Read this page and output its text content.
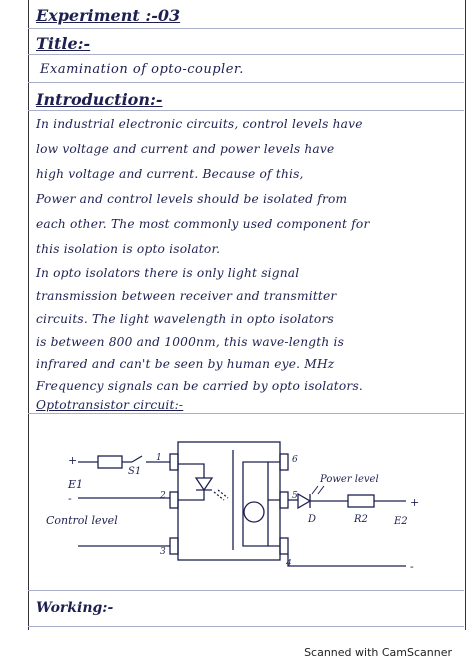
Experiment :-03
Title:-
Examination of opto-coupler.
Introduction:-
In industrial electronic circuits, control levels have
low voltage and current and power levels have
high voltage and current. Because of this,
Power and control levels should be isolated from
each other. The most commonly used component for
this isolation is opto isolator.
In opto isolators there is only light signal
transmission between receiver and transmitter
circuits. The light wavelength in opto isolators
is between 800 and 1000nm, this wave-length is
infrared and can't be seen by human eye. MHz
Frequency signals can be carried by opto isolators.
Optotransistor circuit:-
+
S1
E1
-
1
2
3
4
5
6
Control level
Power level
D	R2	E2
+
-
Working:-
Scanned with CamScanner
